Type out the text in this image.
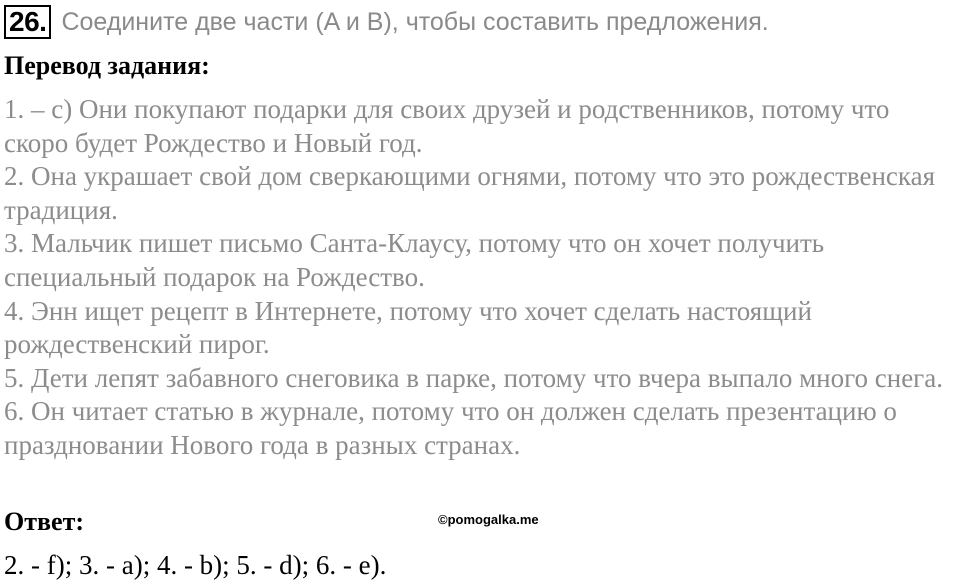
26. Соедините две части (A и B), чтобы составить предложения.
Перевод задания:

1. – с) Они покупают подарки для своих друзей и родственников, потому что скоро будет Рождество и Новый год.

2. Она украшает свой дом сверкающими огнями, потому что это рождественская традиция.

3. Мальчик пишет письмо Санта-Клаусу, потому что он хочет получить специальный подарок на Рождество.

4. Энн ищет рецепт в Интернете, потому что хочет сделать настоящий рождественский пирог.

5. Дети лепят забавного снеговика в парке, потому что вчера выпало много снега.

6. Он читает статью в журнале, потому что он должен сделать презентацию о праздновании Нового года в разных странах.

Ответ:	©pomogalka.me
2. - f); 3. - a); 4. - b); 5. - d); 6. - e).
